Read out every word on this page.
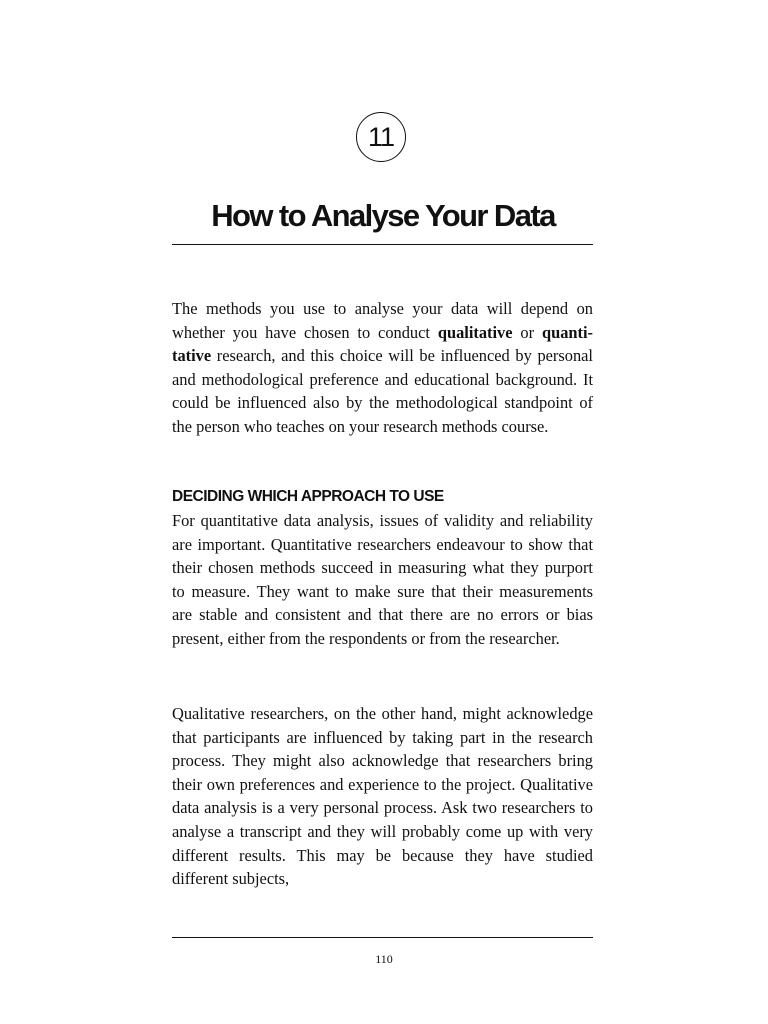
11
How to Analyse Your Data

The methods you use to analyse your data will depend on whether you have chosen to conduct qualitative or quantitative research, and this choice will be influenced by personal and methodological preference and educational background. It could be influenced also by the methodological standpoint of the person who teaches on your research methods course.

DECIDING WHICH APPROACH TO USE

For quantitative data analysis, issues of validity and reliability are important. Quantitative researchers endeavour to show that their chosen methods succeed in measuring what they purport to measure. They want to make sure that their measurements are stable and consistent and that there are no errors or bias present, either from the respondents or from the researcher.

Qualitative researchers, on the other hand, might acknowledge that participants are influenced by taking part in the research process. They might also acknowledge that researchers bring their own preferences and experience to the project. Qualitative data analysis is a very personal process. Ask two researchers to analyse a transcript and they will probably come up with very different results. This may be because they have studied different subjects,

110
